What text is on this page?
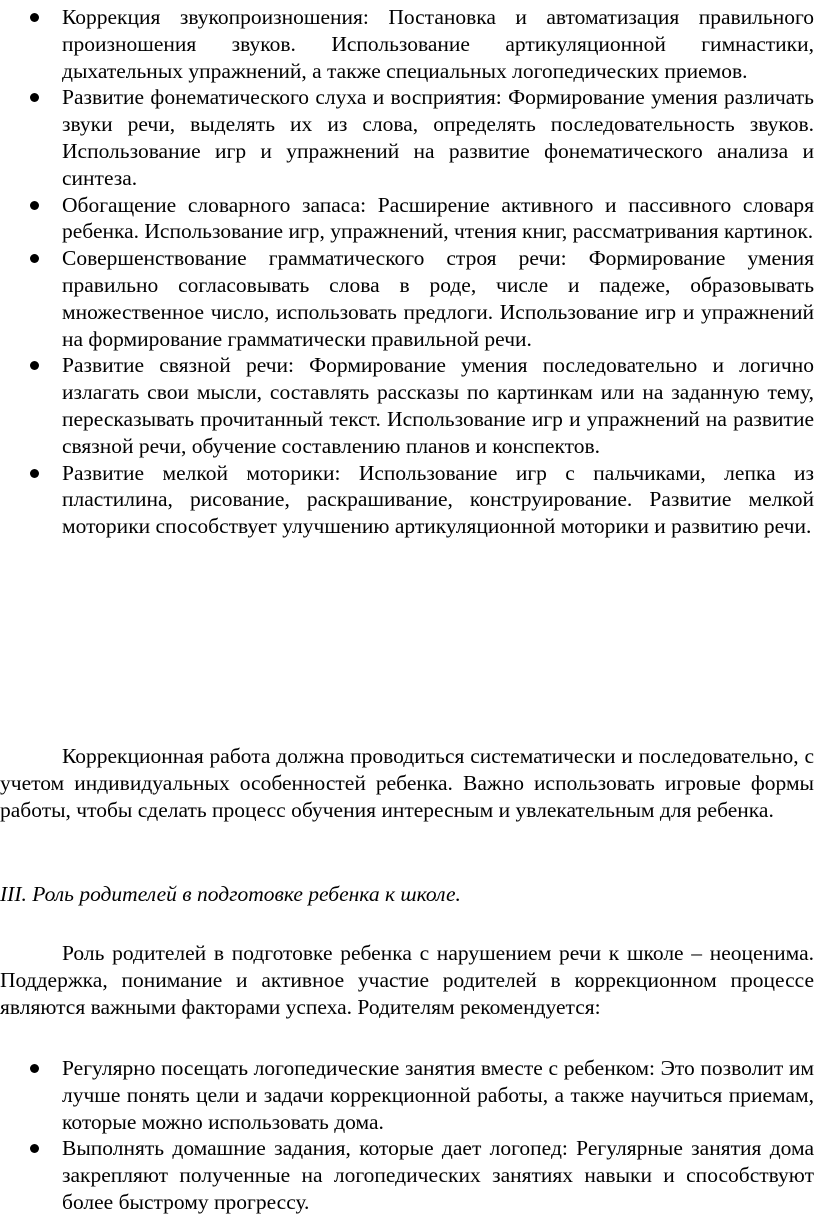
Коррекция звукопроизношения: Постановка и автоматизация правильного произношения звуков. Использование артикуляционной гимнастики, дыхательных упражнений, а также специальных логопедических приемов.
Развитие фонематического слуха и восприятия: Формирование умения различать звуки речи, выделять их из слова, определять последовательность звуков. Использование игр и упражнений на развитие фонематического анализа и синтеза.
Обогащение словарного запаса: Расширение активного и пассивного словаря ребенка. Использование игр, упражнений, чтения книг, рассматривания картинок.
Совершенствование грамматического строя речи: Формирование умения правильно согласовывать слова в роде, числе и падеже, образовывать множественное число, использовать предлоги. Использование игр и упражнений на формирование грамматически правильной речи.
Развитие связной речи: Формирование умения последовательно и логично излагать свои мысли, составлять рассказы по картинкам или на заданную тему, пересказывать прочитанный текст. Использование игр и упражнений на развитие связной речи, обучение составлению планов и конспектов.
Развитие мелкой моторики: Использование игр с пальчиками, лепка из пластилина, рисование, раскрашивание, конструирование. Развитие мелкой моторики способствует улучшению артикуляционной моторики и развитию речи.

Коррекционная работа должна проводиться систематически и последовательно, с учетом индивидуальных особенностей ребенка. Важно использовать игровые формы работы, чтобы сделать процесс обучения интересным и увлекательным для ребенка.

III. Роль родителей в подготовке ребенка к школе.

Роль родителей в подготовке ребенка с нарушением речи к школе – неоценима. Поддержка, понимание и активное участие родителей в коррекционном процессе являются важными факторами успеха. Родителям рекомендуется:

Регулярно посещать логопедические занятия вместе с ребенком: Это позволит им лучше понять цели и задачи коррекционной работы, а также научиться приемам, которые можно использовать дома.
Выполнять домашние задания, которые дает логопед: Регулярные занятия дома закрепляют полученные на логопедических занятиях навыки и способствуют более быстрому прогрессу.
